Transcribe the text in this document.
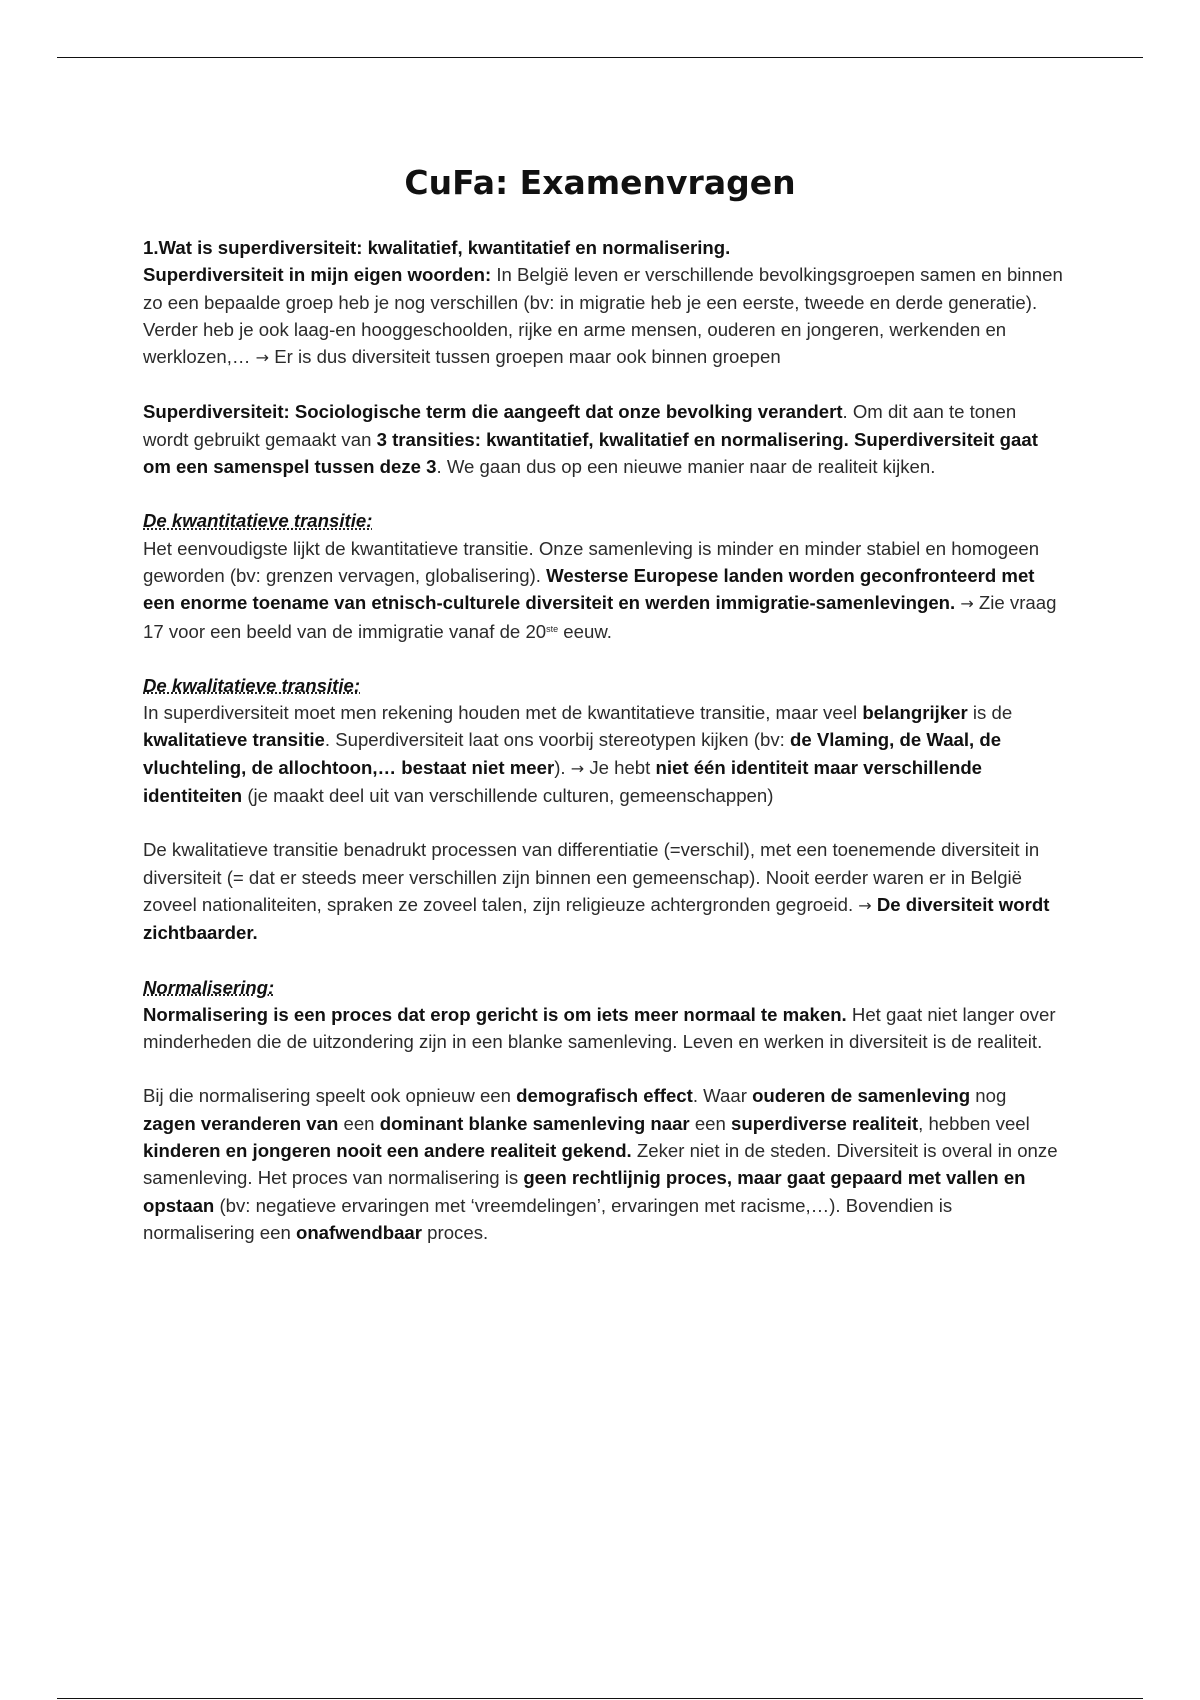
CuFa: Examenvragen

1.Wat is superdiversiteit: kwalitatief, kwantitatief en normalisering.

Superdiversiteit in mijn eigen woorden: In België leven er verschillende bevolkingsgroepen samen en binnen zo een bepaalde groep heb je nog verschillen (bv: in migratie heb je een eerste, tweede en derde generatie). Verder heb je ook laag-en hooggeschoolden, rijke en arme mensen, ouderen en jongeren, werkenden en werklozen,… → Er is dus diversiteit tussen groepen maar ook binnen groepen

Superdiversiteit: Sociologische term die aangeeft dat onze bevolking verandert. Om dit aan te tonen wordt gebruikt gemaakt van 3 transities: kwantitatief, kwalitatief en normalisering. Superdiversiteit gaat om een samenspel tussen deze 3. We gaan dus op een nieuwe manier naar de realiteit kijken.

De kwantitatieve transitie:

Het eenvoudigste lijkt de kwantitatieve transitie. Onze samenleving is minder en minder stabiel en homogeen geworden (bv: grenzen vervagen, globalisering). Westerse Europese landen worden geconfronteerd met een enorme toename van etnisch-culturele diversiteit en werden immigratie-samenlevingen. → Zie vraag 17 voor een beeld van de immigratie vanaf de 20ste eeuw.

De kwalitatieve transitie:

In superdiversiteit moet men rekening houden met de kwantitatieve transitie, maar veel belangrijker is de kwalitatieve transitie. Superdiversiteit laat ons voorbij stereotypen kijken (bv: de Vlaming, de Waal, de vluchteling, de allochtoon,… bestaat niet meer). → Je hebt niet één identiteit maar verschillende identiteiten (je maakt deel uit van verschillende culturen, gemeenschappen)

De kwalitatieve transitie benadrukt processen van differentiatie (=verschil), met een toenemende diversiteit in diversiteit (= dat er steeds meer verschillen zijn binnen een gemeenschap). Nooit eerder waren er in België zoveel nationaliteiten, spraken ze zoveel talen, zijn religieuze achtergronden gegroeid. → De diversiteit wordt zichtbaarder.

Normalisering:

Normalisering is een proces dat erop gericht is om iets meer normaal te maken. Het gaat niet langer over minderheden die de uitzondering zijn in een blanke samenleving. Leven en werken in diversiteit is de realiteit.

Bij die normalisering speelt ook opnieuw een demografisch effect. Waar ouderen de samenleving nog zagen veranderen van een dominant blanke samenleving naar een superdiverse realiteit, hebben veel kinderen en jongeren nooit een andere realiteit gekend. Zeker niet in de steden. Diversiteit is overal in onze samenleving. Het proces van normalisering is geen rechtlijnig proces, maar gaat gepaard met vallen en opstaan (bv: negatieve ervaringen met ‘vreemdelingen’, ervaringen met racisme,…). Bovendien is normalisering een onafwendbaar proces.
